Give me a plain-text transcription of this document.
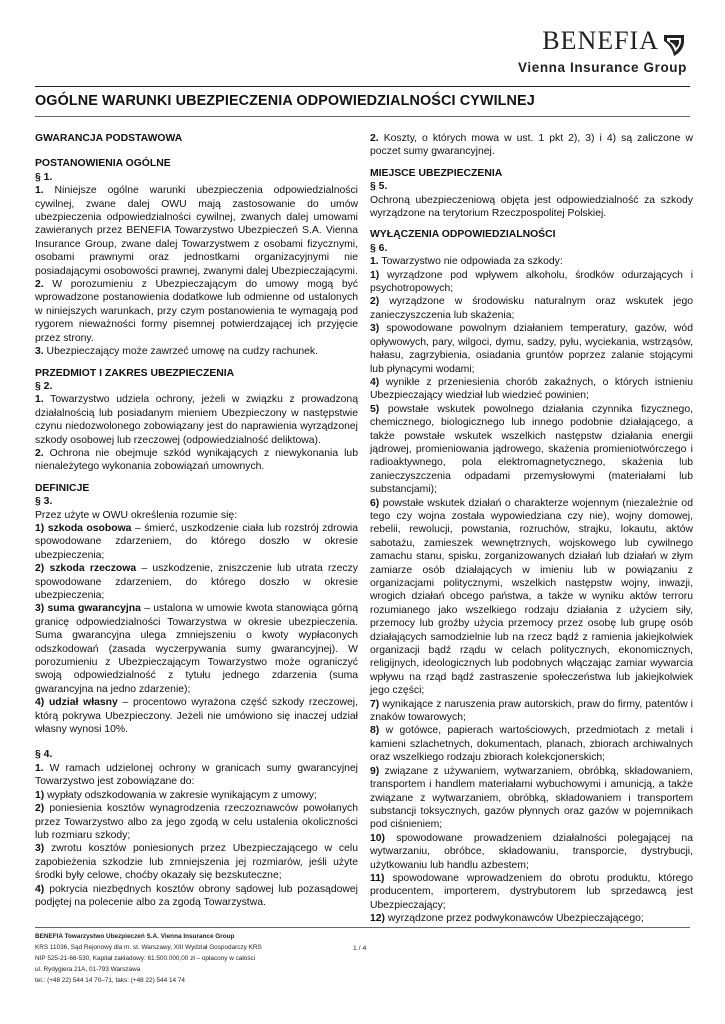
BENEFIA
Vienna Insurance Group
OGÓLNE WARUNKI UBEZPIECZENIA ODPOWIEDZIALNOŚCI CYWILNEJ

GWARANCJA PODSTAWOWA

POSTANOWIENIA OGÓLNE

§ 1.

1. Niniejsze ogólne warunki ubezpieczenia odpowiedzialności cywilnej, zwane dalej OWU mają zastosowanie do umów ubezpieczenia odpowiedzialności cywilnej, zwanych dalej umowami zawieranych przez BENEFIA Towarzystwo Ubezpieczeń S.A. Vienna Insurance Group, zwane dalej Towarzystwem z osobami fizycznymi, osobami prawnymi oraz jednostkami organizacyjnymi nie posiadającymi osobowości prawnej, zwanymi dalej Ubezpieczającymi.

2. W porozumieniu z Ubezpieczającym do umowy mogą być wprowadzone postanowienia dodatkowe lub odmienne od ustalonych w niniejszych warunkach, przy czym postanowienia te wymagają pod rygorem nieważności formy pisemnej potwierdzającej ich przyjęcie przez strony.

3. Ubezpieczający może zawrzeć umowę na cudzy rachunek.

PRZEDMIOT I ZAKRES UBEZPIECZENIA

§ 2.

1. Towarzystwo udziela ochrony, jeżeli w związku z prowadzoną działalnością lub posiadanym mieniem Ubezpieczony w następstwie czynu niedozwolonego zobowiązany jest do naprawienia wyrządzonej szkody osobowej lub rzeczowej (odpowiedzialność deliktowa).

2. Ochrona nie obejmuje szkód wynikających z niewykonania lub nienależytego wykonania zobowiązań umownych.

DEFINICJE

§ 3.

Przez użyte w OWU określenia rozumie się:

1) szkoda osobowa – śmierć, uszkodzenie ciała lub rozstrój zdrowia spowodowane zdarzeniem, do którego doszło w okresie ubezpieczenia;

2) szkoda rzeczowa – uszkodzenie, zniszczenie lub utrata rzeczy spowodowane zdarzeniem, do którego doszło w okresie ubezpieczenia;

3) suma gwarancyjna – ustalona w umowie kwota stanowiąca górną granicę odpowiedzialności Towarzystwa w okresie ubezpieczenia. Suma gwarancyjna ulega zmniejszeniu o kwoty wypłaconych odszkodowań (zasada wyczerpywania sumy gwarancyjnej). W porozumieniu z Ubezpieczającym Towarzystwo może ograniczyć swoją odpowiedzialność z tytułu jednego zdarzenia (suma gwarancyjna na jedno zdarzenie);

4) udział własny – procentowo wyrażona część szkody rzeczowej, którą pokrywa Ubezpieczony. Jeżeli nie umówiono się inaczej udział własny wynosi 10%.

§ 4.

1. W ramach udzielonej ochrony w granicach sumy gwarancyjnej Towarzystwo jest zobowiązane do:

1) wypłaty odszkodowania w zakresie wynikającym z umowy;

2) poniesienia kosztów wynagrodzenia rzeczoznawców powołanych przez Towarzystwo albo za jego zgodą w celu ustalenia okoliczności lub rozmiaru szkody;

3) zwrotu kosztów poniesionych przez Ubezpieczającego w celu zapobieżenia szkodzie lub zmniejszenia jej rozmiarów, jeśli użyte środki były celowe, choćby okazały się bezskuteczne;

4) pokrycia niezbędnych kosztów obrony sądowej lub pozasądowej podjętej na polecenie albo za zgodą Towarzystwa.

2. Koszty, o których mowa w ust. 1 pkt 2), 3) i 4) są zaliczone w poczet sumy gwarancyjnej.

MIEJSCE UBEZPIECZENIA

§ 5.

Ochroną ubezpieczeniową objęta jest odpowiedzialność za szkody wyrządzone na terytorium Rzeczpospolitej Polskiej.

WYŁĄCZENIA ODPOWIEDZIALNOŚCI

§ 6.

1. Towarzystwo nie odpowiada za szkody:

1) wyrządzone pod wpływem alkoholu, środków odurzających i psychotropowych;

2) wyrządzone w środowisku naturalnym oraz wskutek jego zanieczyszczenia lub skażenia;

3) spowodowane powolnym działaniem temperatury, gazów, wód opływowych, pary, wilgoci, dymu, sadzy, pyłu, wyciekania, wstrząsów, hałasu, zagrzybienia, osiadania gruntów poprzez zalanie stojącymi lub płynącymi wodami;

4) wynikłe z przeniesienia chorób zakaźnych, o których istnieniu Ubezpieczający wiedział lub wiedzieć powinien;

5) powstałe wskutek powolnego działania czynnika fizycznego, chemicznego, biologicznego lub innego podobnie działającego, a także powstałe wskutek wszelkich następstw działania energii jądrowej, promieniowania jądrowego, skażenia promieniotwórczego i radioaktywnego, pola elektromagnetycznego, skażenia lub zanieczyszczenia odpadami przemysłowymi (materiałami lub substancjami);

6) powstałe wskutek działań o charakterze wojennym (niezależnie od tego czy wojna została wypowiedziana czy nie), wojny domowej, rebelii, rewolucji, powstania, rozruchów, strajku, lokautu, aktów sabotażu, zamieszek wewnętrznych, wojskowego lub cywilnego zamachu stanu, spisku, zorganizowanych działań lub działań w złym zamiarze osób działających w imieniu lub w powiązaniu z organizacjami politycznymi, wszelkich następstw wojny, inwazji, wrogich działań obcego państwa, a także w wyniku aktów terroru rozumianego jako wszelkiego rodzaju działania z użyciem siły, przemocy lub groźby użycia przemocy przez osobę lub grupę osób działających samodzielnie lub na rzecz bądź z ramienia jakiejkolwiek organizacji bądź rządu w celach politycznych, ekonomicznych, religijnych, ideologicznych lub podobnych włączając zamiar wywarcia wpływu na rząd bądź zastraszenie społeczeństwa lub jakiejkolwiek jego części;

7) wynikające z naruszenia praw autorskich, praw do firmy, patentów i znaków towarowych;

8) w gotówce, papierach wartościowych, przedmiotach z metali i kamieni szlachetnych, dokumentach, planach, zbiorach archiwalnych oraz wszelkiego rodzaju zbiorach kolekcjonerskich;

9) związane z używaniem, wytwarzaniem, obróbką, składowaniem, transportem i handlem materiałami wybuchowymi i amunicją, a także związane z wytwarzaniem, obróbką, składowaniem i transportem substancji toksycznych, gazów płynnych oraz gazów w pojemnikach pod ciśnieniem;

10) spowodowane prowadzeniem działalności polegającej na wytwarzaniu, obróbce, składowaniu, transporcie, dystrybucji, użytkowaniu lub handlu azbestem;

11) spowodowane wprowadzeniem do obrotu produktu, którego producentem, importerem, dystrybutorem lub sprzedawcą jest Ubezpieczający;

12) wyrządzone przez podwykonawców Ubezpieczającego;

BENEFIA Towarzystwo Ubezpieczeń S.A. Vienna Insurance Group
KRS 11036, Sąd Rejonowy dla m. st. Warszawy, XIII Wydział Gospodarczy KRS
NIP 525-21-66-530, Kapitał zakładowy: 61.500.000,00 zł – opłacony w całości
ul. Rydygiera 21A, 01-793 Warszawa
tel.: (+48 22) 544 14 70–71, faks: (+48 22) 544 14 74
1 / 4
